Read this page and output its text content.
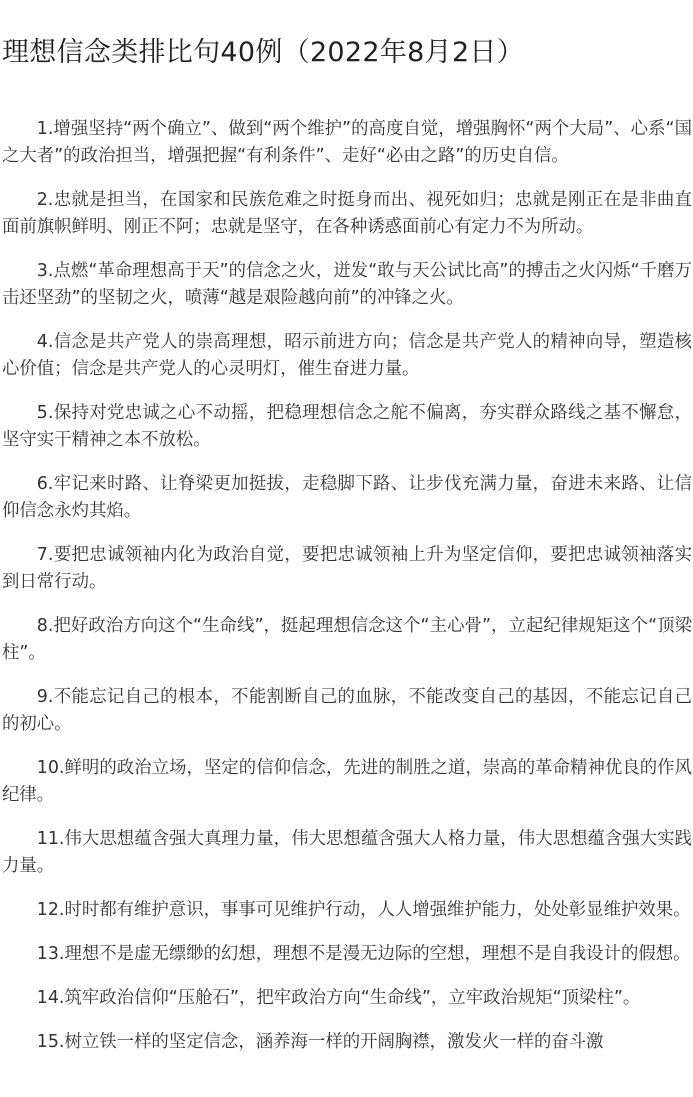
理想信念类排比句40例（2022年8月2日）

1.增强坚持“两个确立”、做到“两个维护”的高度自觉，增强胸怀“两个大局”、心系“国之大者”的政治担当，增强把握“有利条件”、走好“必由之路”的历史自信。

2.忠就是担当，在国家和民族危难之时挺身而出、视死如归；忠就是刚正在是非曲直面前旗帜鲜明、刚正不阿；忠就是坚守，在各种诱惑面前心有定力不为所动。

3.点燃“革命理想高于天”的信念之火，迸发“敢与天公试比高”的搏击之火闪烁“千磨万击还坚劲”的坚韧之火，喷薄“越是艰险越向前”的冲锋之火。

4.信念是共产党人的崇高理想，昭示前进方向；信念是共产党人的精神向导，塑造核心价值；信念是共产党人的心灵明灯，催生奋进力量。

5.保持对党忠诚之心不动摇，把稳理想信念之舵不偏离，夯实群众路线之基不懈怠，坚守实干精神之本不放松。

6.牢记来时路、让脊梁更加挺拔，走稳脚下路、让步伐充满力量，奋进未来路、让信仰信念永灼其焰。

7.要把忠诚领袖内化为政治自觉，要把忠诚领袖上升为坚定信仰，要把忠诚领袖落实到日常行动。

8.把好政治方向这个“生命线”，挺起理想信念这个“主心骨”，立起纪律规矩这个“顶梁柱”。

9.不能忘记自己的根本，不能割断自己的血脉，不能改变自己的基因，不能忘记自己的初心。

10.鲜明的政治立场，坚定的信仰信念，先进的制胜之道，崇高的革命精神优良的作风纪律。

11.伟大思想蕴含强大真理力量，伟大思想蕴含强大人格力量，伟大思想蕴含强大实践力量。

12.时时都有维护意识，事事可见维护行动，人人增强维护能力，处处彰显维护效果。

13.理想不是虚无缥缈的幻想，理想不是漫无边际的空想，理想不是自我设计的假想。

14.筑牢政治信仰“压舱石”，把牢政治方向“生命线”，立牢政治规矩“顶梁柱”。

15.树立铁一样的坚定信念，涵养海一样的开阔胸襟，激发火一样的奋斗激
